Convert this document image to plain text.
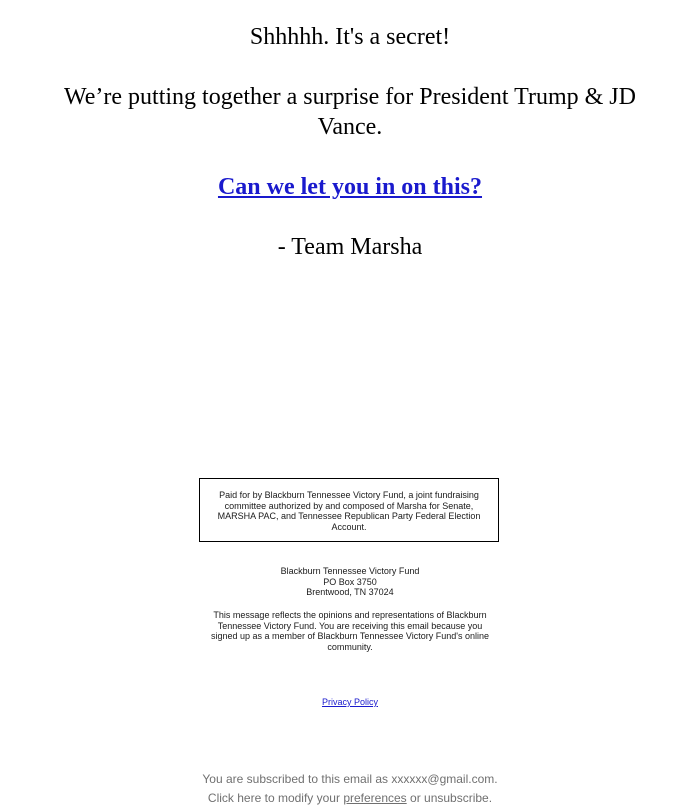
Shhhhh. It's a secret!
We’re putting together a surprise for President Trump & JD Vance.
Can we let you in on this?
- Team Marsha
Paid for by Blackburn Tennessee Victory Fund, a joint fundraising committee authorized by and composed of Marsha for Senate, MARSHA PAC, and Tennessee Republican Party Federal Election Account.
Blackburn Tennessee Victory Fund
PO Box 3750
Brentwood, TN 37024
This message reflects the opinions and representations of Blackburn Tennessee Victory Fund. You are receiving this email because you signed up as a member of Blackburn Tennessee Victory Fund's online community.
Privacy Policy
You are subscribed to this email as xxxxxx@gmail.com.
Click here to modify your preferences or unsubscribe.
